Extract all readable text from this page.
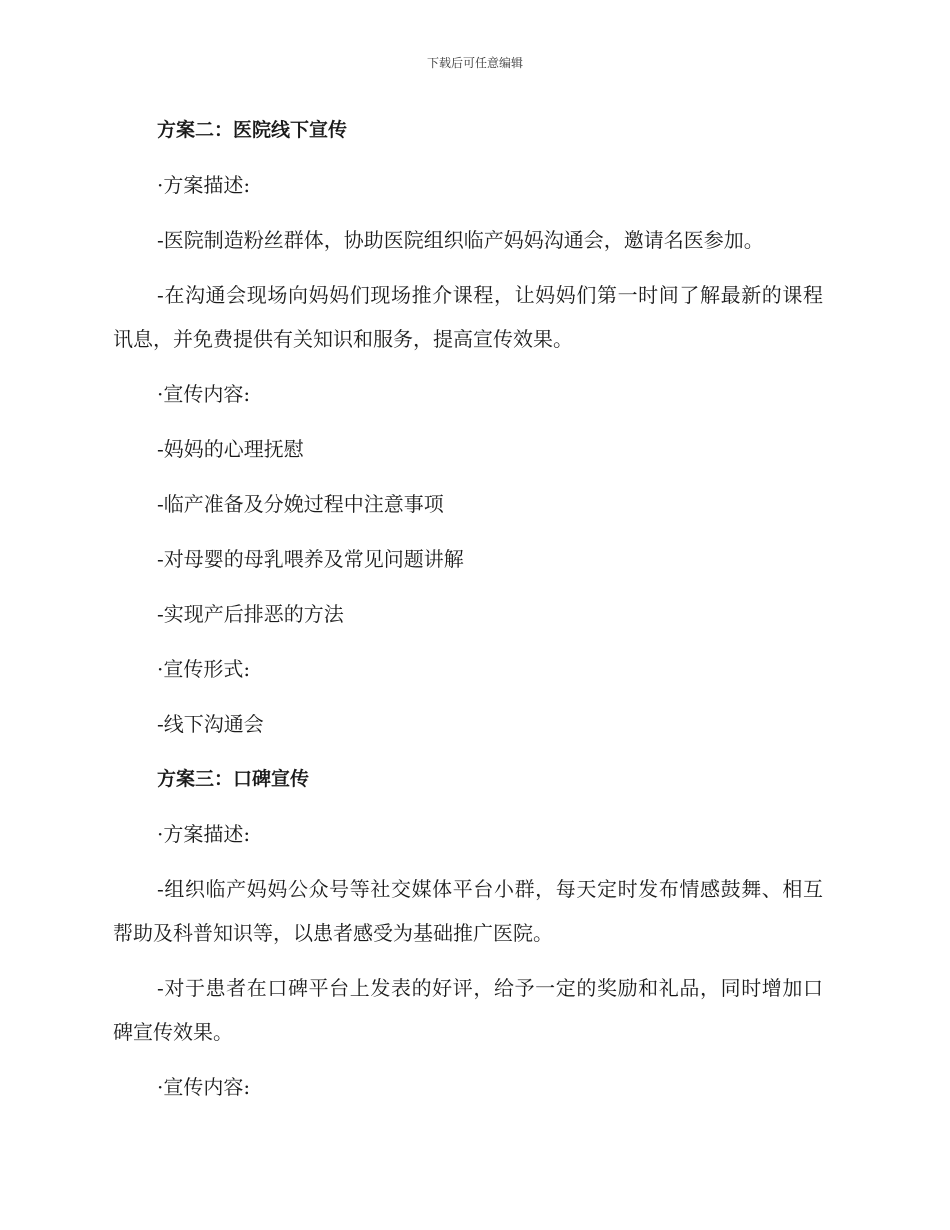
下载后可任意编辑
方案二：医院线下宣传
·方案描述:
-医院制造粉丝群体，协助医院组织临产妈妈沟通会，邀请名医参加。
-在沟通会现场向妈妈们现场推介课程，让妈妈们第一时间了解最新的课程讯息，并免费提供有关知识和服务，提高宣传效果。
·宣传内容:
-妈妈的心理抚慰
-临产准备及分娩过程中注意事项
-对母婴的母乳喂养及常见问题讲解
-实现产后排恶的方法
·宣传形式:
-线下沟通会
方案三：口碑宣传
·方案描述:
-组织临产妈妈公众号等社交媒体平台小群，每天定时发布情感鼓舞、相互帮助及科普知识等，以患者感受为基础推广医院。
-对于患者在口碑平台上发表的好评，给予一定的奖励和礼品，同时增加口碑宣传效果。
·宣传内容:
